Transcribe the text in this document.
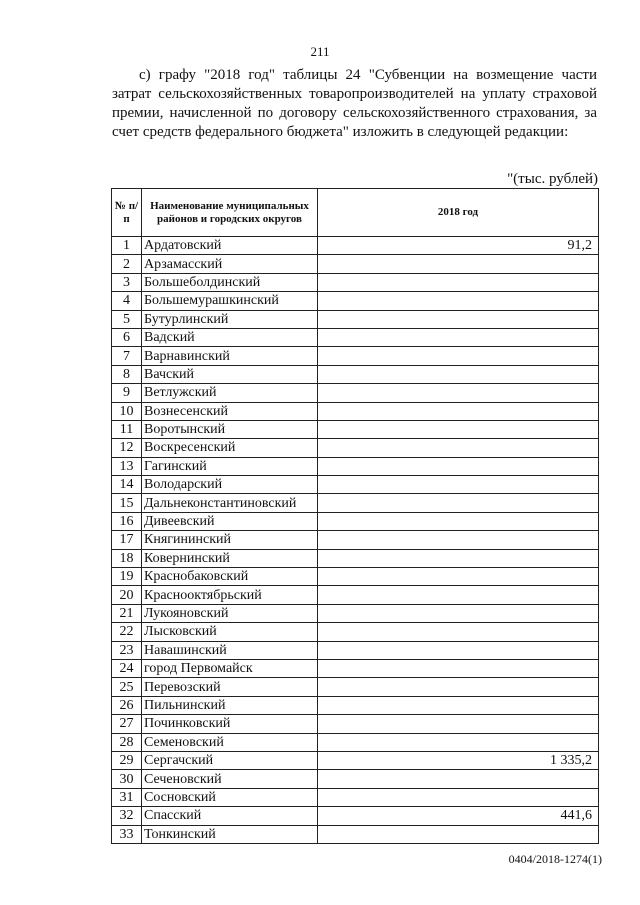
211

с) графу "2018 год" таблицы 24 "Субвенции на возмещение части затрат сельскохозяйственных товаропроизводителей на уплату страховой премии, начисленной по договору сельскохозяйственного страхования, за счет средств федерального бюджета" изложить в следующей редакции:

"(тыс. рублей)
№ п/п	Наименование муниципальных районов и городских округов	2018 год
1	Ардатовский	91,2
2	Арзамасский	
3	Большеболдинский	
4	Большемурашкинский	
5	Бутурлинский	
6	Вадский	
7	Варнавинский	
8	Вачский	
9	Ветлужский	
10	Вознесенский	
11	Воротынский	
12	Воскресенский	
13	Гагинский	
14	Володарский	
15	Дальнеконстантиновский	
16	Дивеевский	
17	Княгининский	
18	Ковернинский	
19	Краснобаковский	
20	Краснооктябрьский	
21	Лукояновский	
22	Лысковский	
23	Навашинский	
24	город Первомайск	
25	Перевозский	
26	Пильнинский	
27	Починковский	
28	Семеновский	
29	Сергачский	1 335,2
30	Сеченовский	
31	Сосновский	
32	Спасский	441,6
33	Тонкинский	
0404/2018-1274(1)
